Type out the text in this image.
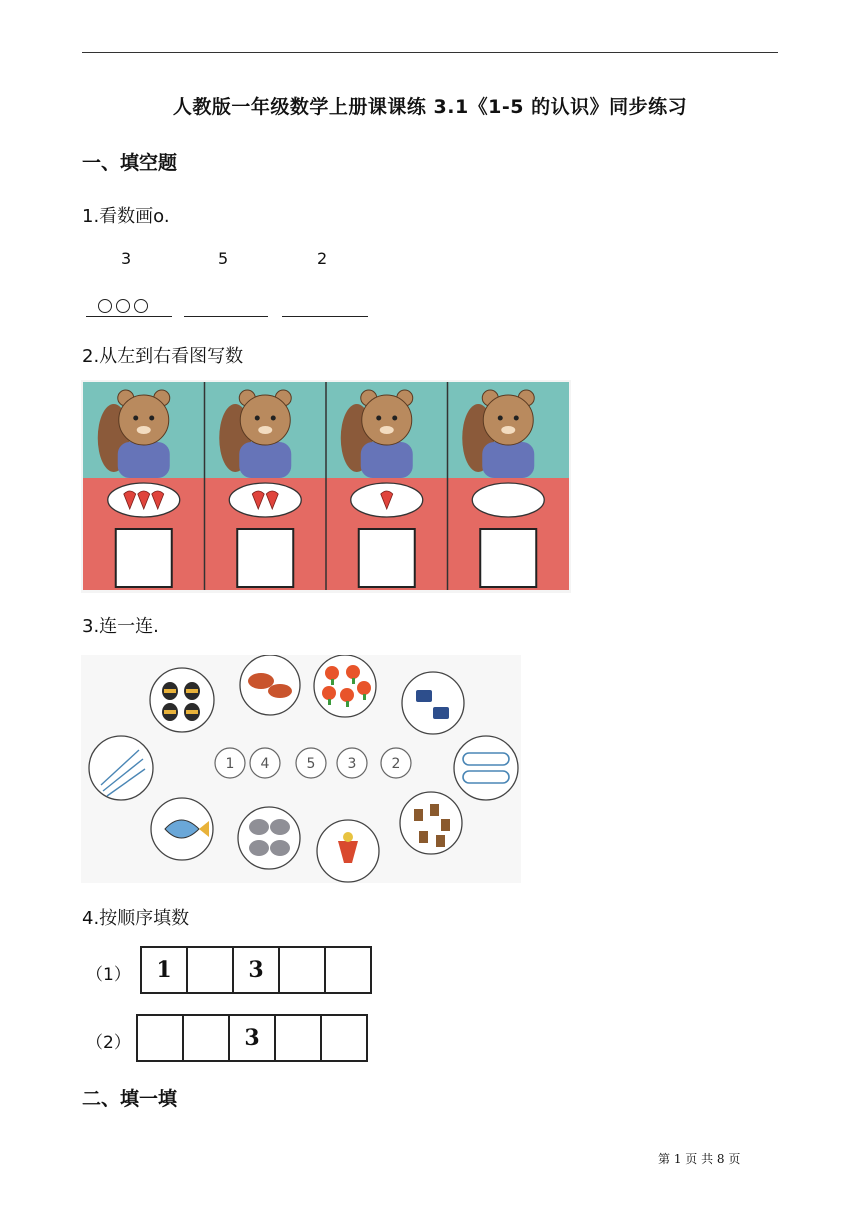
人教版一年级数学上册课课练 3.1《1-5 的认识》同步练习
一、填空题
1.看数画o.
3	5	2
2.从左到右看图写数
3.连一连.
1 4	5 3	2
4.按顺序填数
（1）	1	3
（2）	3
二、填一填
第 1 页 共 8 页
